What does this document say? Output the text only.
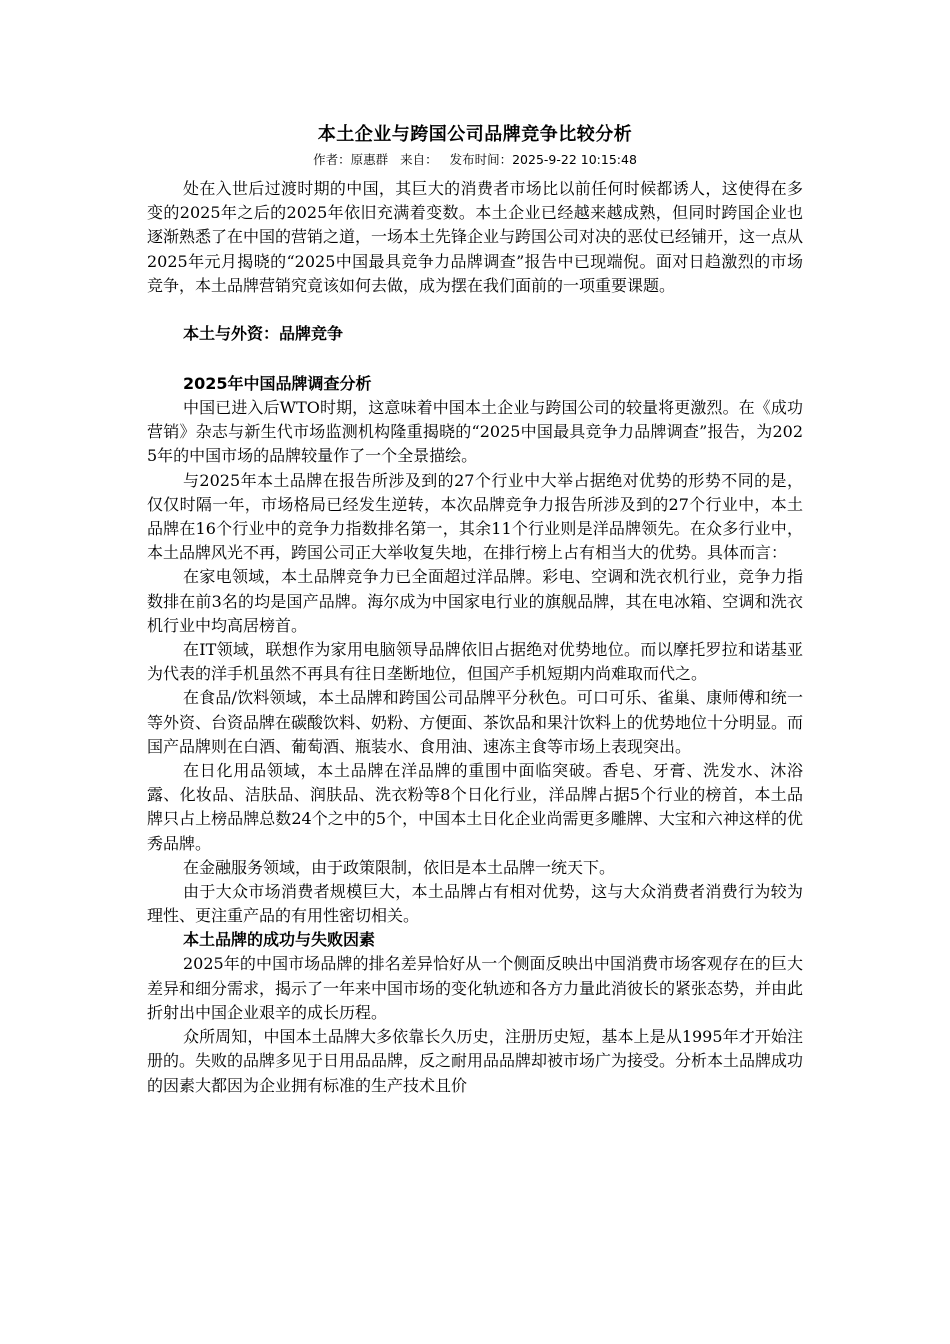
本土企业与跨国公司品牌竞争比较分析
作者：原惠群 来自： 发布时间：2025-9-22 10:15:48

处在入世后过渡时期的中国，其巨大的消费者市场比以前任何时候都诱人，这使得在多变的2025年之后的2025年依旧充满着变数。本土企业已经越来越成熟，但同时跨国企业也逐渐熟悉了在中国的营销之道，一场本土先锋企业与跨国公司对决的恶仗已经铺开，这一点从2025年元月揭晓的“2025中国最具竞争力品牌调查”报告中已现端倪。面对日趋激烈的市场竞争，本土品牌营销究竟该如何去做，成为摆在我们面前的一项重要课题。

本土与外资：品牌竞争

2025年中国品牌调查分析

中国已进入后WTO时期，这意味着中国本土企业与跨国公司的较量将更激烈。在《成功营销》杂志与新生代市场监测机构隆重揭晓的“2025中国最具竞争力品牌调查”报告，为2025年的中国市场的品牌较量作了一个全景描绘。

与2025年本土品牌在报告所涉及到的27个行业中大举占据绝对优势的形势不同的是，仅仅时隔一年，市场格局已经发生逆转，本次品牌竞争力报告所涉及到的27个行业中，本土品牌在16个行业中的竞争力指数排名第一，其余11个行业则是洋品牌领先。在众多行业中，本土品牌风光不再，跨国公司正大举收复失地，在排行榜上占有相当大的优势。具体而言：

在家电领域，本土品牌竞争力已全面超过洋品牌。彩电、空调和洗衣机行业，竞争力指数排在前3名的均是国产品牌。海尔成为中国家电行业的旗舰品牌，其在电冰箱、空调和洗衣机行业中均高居榜首。

在IT领域，联想作为家用电脑领导品牌依旧占据绝对优势地位。而以摩托罗拉和诺基亚为代表的洋手机虽然不再具有往日垄断地位，但国产手机短期内尚难取而代之。

在食品/饮料领域，本土品牌和跨国公司品牌平分秋色。可口可乐、雀巢、康师傅和统一等外资、台资品牌在碳酸饮料、奶粉、方便面、茶饮品和果汁饮料上的优势地位十分明显。而国产品牌则在白酒、葡萄酒、瓶装水、食用油、速冻主食等市场上表现突出。

在日化用品领域，本土品牌在洋品牌的重围中面临突破。香皂、牙膏、洗发水、沐浴露、化妆品、洁肤品、润肤品、洗衣粉等8个日化行业，洋品牌占据5个行业的榜首，本土品牌只占上榜品牌总数24个之中的5个，中国本土日化企业尚需更多雕牌、大宝和六神这样的优秀品牌。

在金融服务领域，由于政策限制，依旧是本土品牌一统天下。

由于大众市场消费者规模巨大，本土品牌占有相对优势，这与大众消费者消费行为较为理性、更注重产品的有用性密切相关。

本土品牌的成功与失败因素

2025年的中国市场品牌的排名差异恰好从一个侧面反映出中国消费市场客观存在的巨大差异和细分需求，揭示了一年来中国市场的变化轨迹和各方力量此消彼长的紧张态势，并由此折射出中国企业艰辛的成长历程。

众所周知，中国本土品牌大多依靠长久历史，注册历史短，基本上是从1995年才开始注册的。失败的品牌多见于日用品品牌，反之耐用品品牌却被市场广为接受。分析本土品牌成功的因素大都因为企业拥有标准的生产技术且价
